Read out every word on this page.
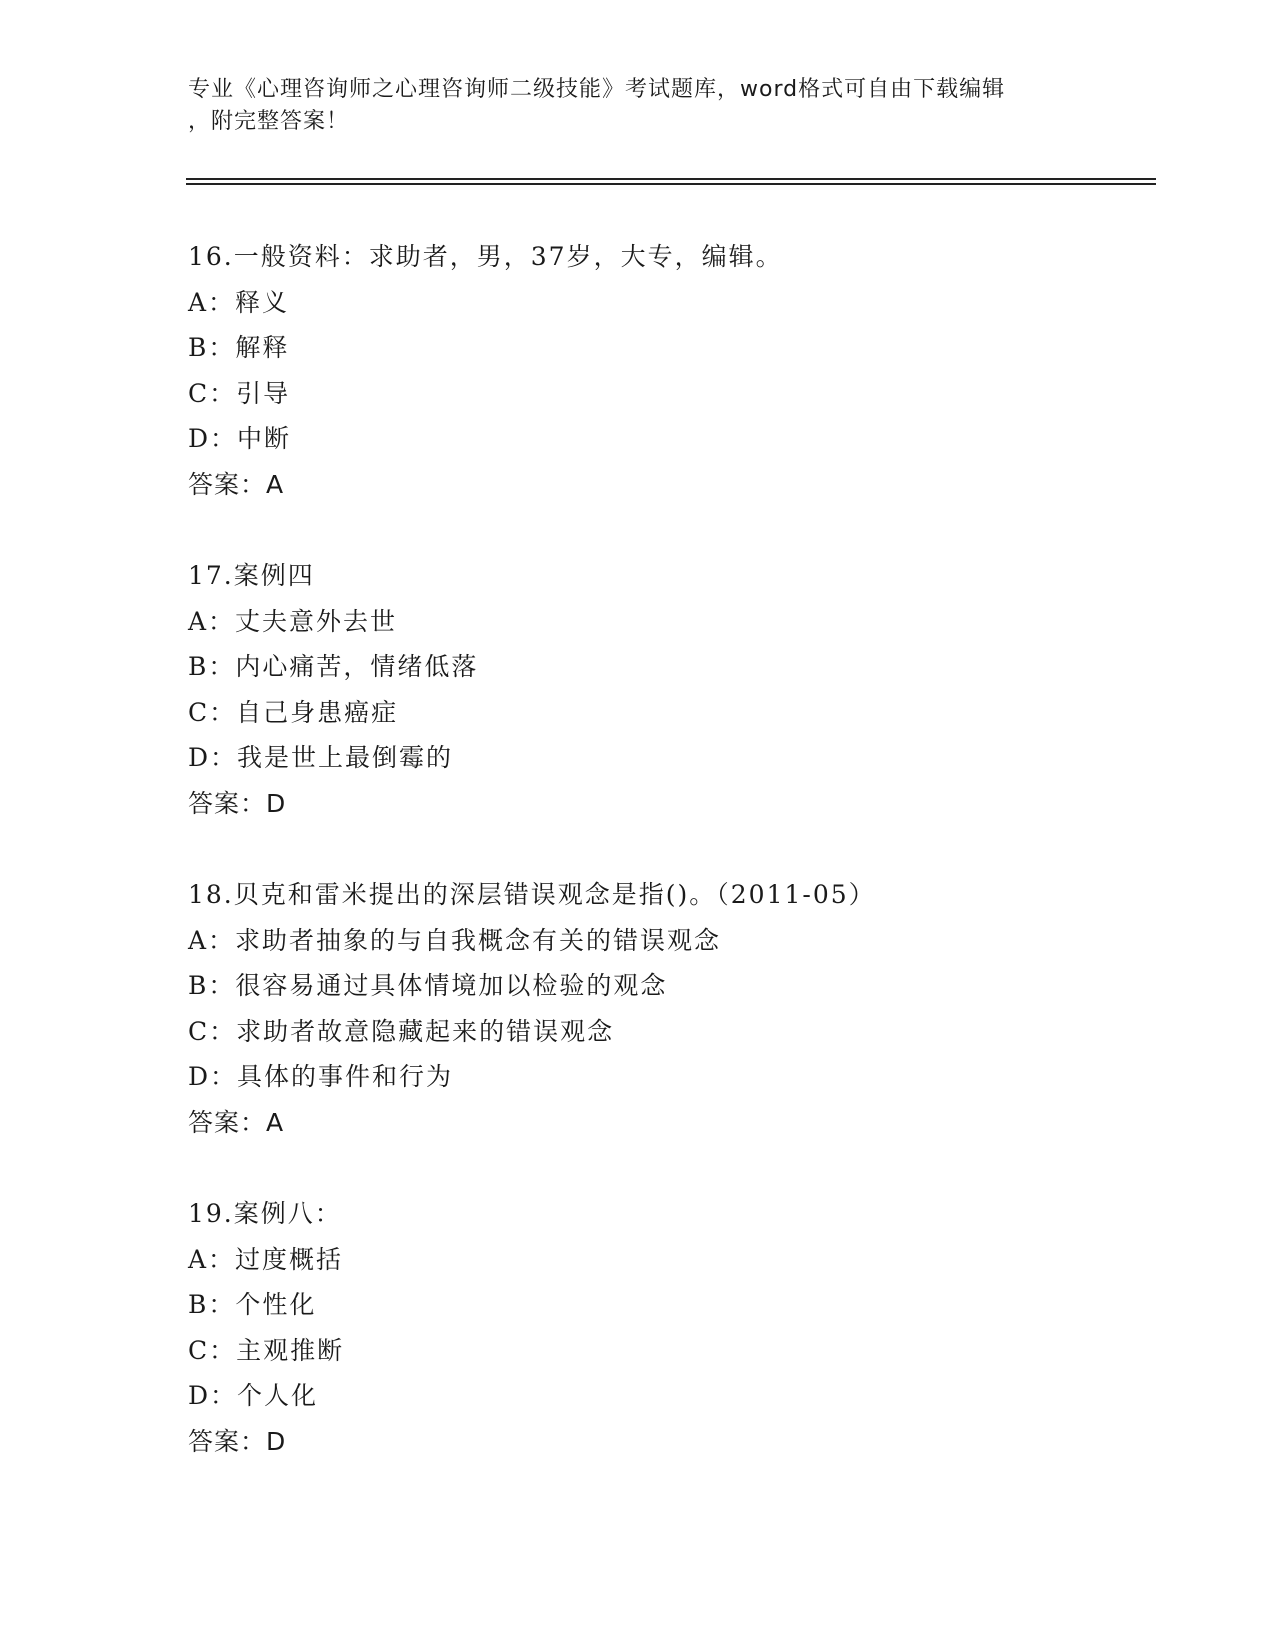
专业《心理咨询师之心理咨询师二级技能》考试题库，word格式可自由下载编辑
，附完整答案！
16.一般资料：求助者，男，37岁，大专，编辑。
A：释义
B：解释
C：引导
D：中断
答案：A
17.案例四
A：丈夫意外去世
B：内心痛苦，情绪低落
C：自己身患癌症
D：我是世上最倒霉的
答案：D
18.贝克和雷米提出的深层错误观念是指()。（2011-05）
A：求助者抽象的与自我概念有关的错误观念
B：很容易通过具体情境加以检验的观念
C：求助者故意隐藏起来的错误观念
D：具体的事件和行为
答案：A
19.案例八：
A：过度概括
B：个性化
C：主观推断
D：个人化
答案：D
